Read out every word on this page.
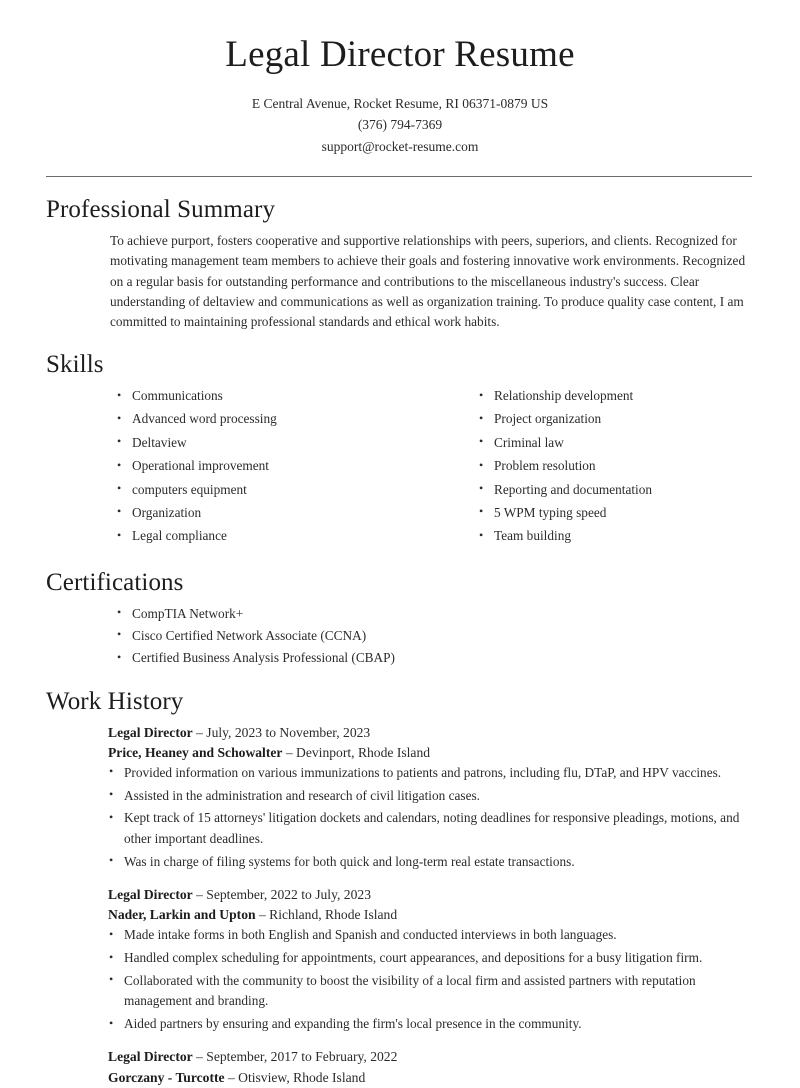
Legal Director Resume

E Central Avenue, Rocket Resume, RI 06371-0879 US

(376) 794-7369

support@rocket-resume.com

Professional Summary

To achieve purport, fosters cooperative and supportive relationships with peers, superiors, and clients. Recognized for motivating management team members to achieve their goals and fostering innovative work environments. Recognized on a regular basis for outstanding performance and contributions to the miscellaneous industry's success. Clear understanding of deltaview and communications as well as organization training. To produce quality case content, I am committed to maintaining professional standards and ethical work habits.

Skills
• Communications
• Advanced word processing
• Deltaview
• Operational improvement
• computers equipment
• Organization
• Legal compliance
• Relationship development
• Project organization
• Criminal law
• Problem resolution
• Reporting and documentation
• 5 WPM typing speed
• Team building
Certifications
• CompTIA Network+
• Cisco Certified Network Associate (CCNA)
• Certified Business Analysis Professional (CBAP)
Work History

Legal Director – July, 2023 to November, 2023

Price, Heaney and Schowalter – Devinport, Rhode Island

• Provided information on various immunizations to patients and patrons, including flu, DTaP, and HPV vaccines.
• Assisted in the administration and research of civil litigation cases.
• Kept track of 15 attorneys' litigation dockets and calendars, noting deadlines for responsive pleadings, motions, and other important deadlines.
• Was in charge of filing systems for both quick and long-term real estate transactions.

Legal Director – September, 2022 to July, 2023

Nader, Larkin and Upton – Richland, Rhode Island

• Made intake forms in both English and Spanish and conducted interviews in both languages.
• Handled complex scheduling for appointments, court appearances, and depositions for a busy litigation firm.
• Collaborated with the community to boost the visibility of a local firm and assisted partners with reputation management and branding.
• Aided partners by ensuring and expanding the firm's local presence in the community.

Legal Director – September, 2017 to February, 2022

Gorczany - Turcotte – Otisview, Rhode Island
